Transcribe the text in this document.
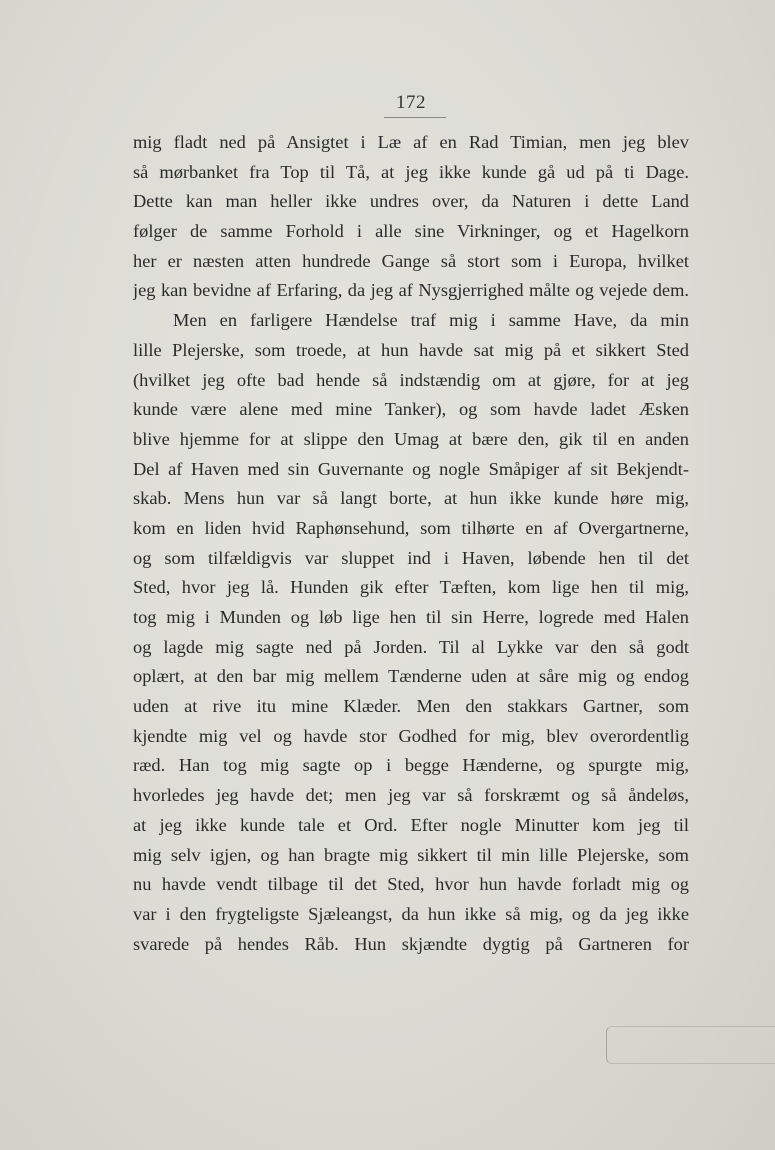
172
mig fladt ned på Ansigtet i Læ af en Rad Timian, men jeg blev
så mørbanket fra Top til Tå, at jeg ikke kunde gå ud på ti Dage.
Dette kan man heller ikke undres over, da Naturen i dette Land
følger de samme Forhold i alle sine Virkninger, og et Hagelkorn
her er næsten atten hundrede Gange så stort som i Europa, hvilket
jeg kan bevidne af Erfaring, da jeg af Nysgjerrighed målte og vejede dem.
Men en farligere Hændelse traf mig i samme Have, da min
lille Plejerske, som troede, at hun havde sat mig på et sikkert Sted
(hvilket jeg ofte bad hende så indstændig om at gjøre, for at jeg
kunde være alene med mine Tanker), og som havde ladet Æsken
blive hjemme for at slippe den Umag at bære den, gik til en anden
Del af Haven med sin Guvernante og nogle Småpiger af sit Bekjendt-
skab. Mens hun var så langt borte, at hun ikke kunde høre mig,
kom en liden hvid Raphønsehund, som tilhørte en af Overgartnerne,
og som tilfældigvis var sluppet ind i Haven, løbende hen til det
Sted, hvor jeg lå. Hunden gik efter Tæften, kom lige hen til mig,
tog mig i Munden og løb lige hen til sin Herre, logrede med Halen
og lagde mig sagte ned på Jorden. Til al Lykke var den så godt
oplært, at den bar mig mellem Tænderne uden at såre mig og endog
uden at rive itu mine Klæder. Men den stakkars Gartner, som
kjendte mig vel og havde stor Godhed for mig, blev overordentlig
ræd. Han tog mig sagte op i begge Hænderne, og spurgte mig,
hvorledes jeg havde det; men jeg var så forskræmt og så åndeløs,
at jeg ikke kunde tale et Ord. Efter nogle Minutter kom jeg til
mig selv igjen, og han bragte mig sikkert til min lille Plejerske, som
nu havde vendt tilbage til det Sted, hvor hun havde forladt mig og
var i den frygteligste Sjæleangst, da hun ikke så mig, og da jeg ikke
svarede på hendes Råb. Hun skjændte dygtig på Gartneren for
